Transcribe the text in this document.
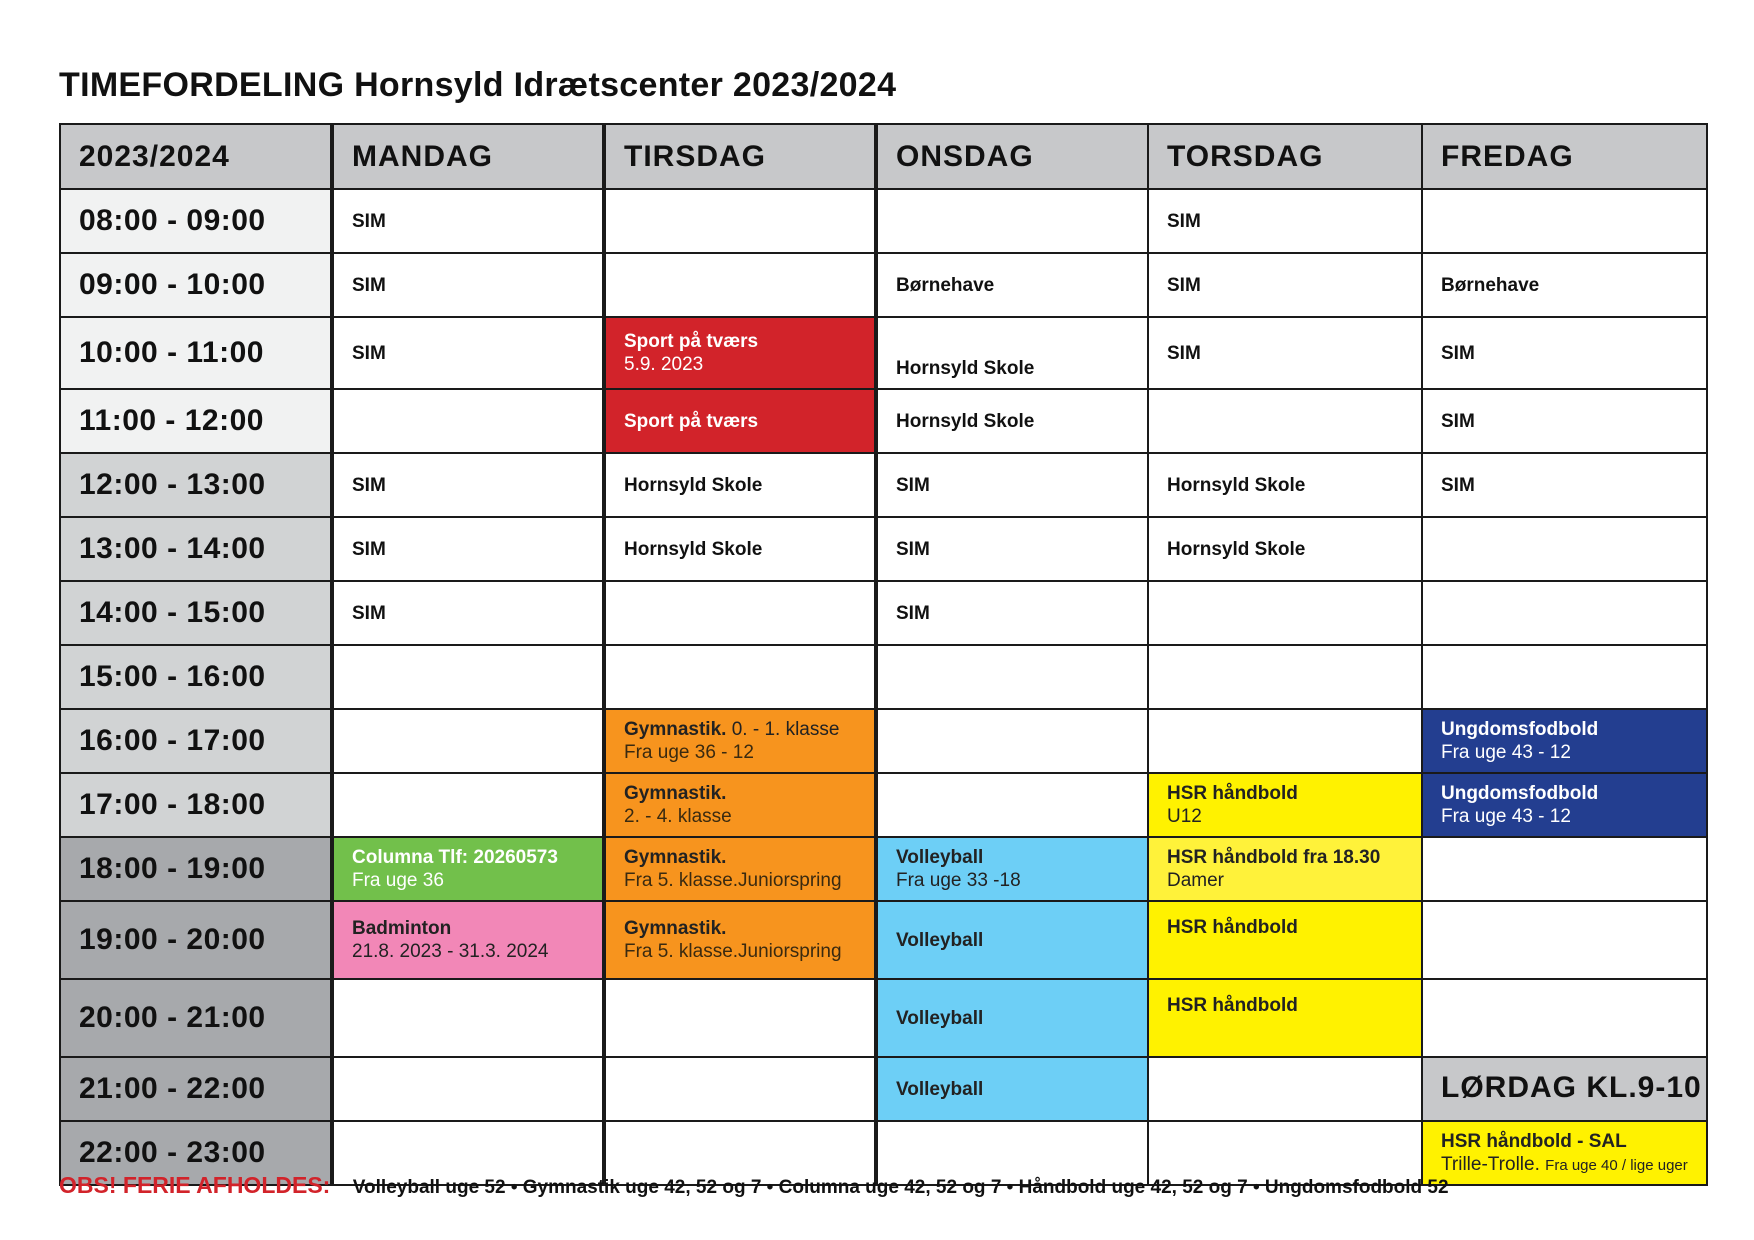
TIMEFORDELING Hornsyld Idrætscenter 2023/2024
2023/2024	MANDAG	TIRSDAG	ONSDAG	TORSDAG	FREDAG
08:00 - 09:00	SIM			SIM	

09:00 - 10:00	SIM		Børnehave	SIM	Børnehave

10:00 - 11:00	SIM	Sport på tværs
5.9. 2023	Hornsyld Skole	SIM	SIM

11:00 - 12:00		Sport på tværs	Hornsyld Skole		SIM

12:00 - 13:00	SIM	Hornsyld Skole	SIM	Hornsyld Skole	SIM

13:00 - 14:00	SIM	Hornsyld Skole	SIM	Hornsyld Skole	

14:00 - 15:00	SIM		SIM		

15:00 - 16:00					
16:00 - 17:00		Gymnastik. 0. - 1. klasse
Fra uge 36 - 12			Ungdomsfodbold
Fra uge 43 - 12

17:00 - 18:00		Gymnastik.
2. - 4. klasse		HSR håndbold
U12	Ungdomsfodbold
Fra uge 43 - 12

18:00 - 19:00	Columna Tlf: 20260573
Fra uge 36	Gymnastik.
Fra 5. klasse.Juniorspring	Volleyball
Fra uge 33 -18	HSR håndbold fra 18.30
Damer	

19:00 - 20:00	Badminton
21.8. 2023 - 31.3. 2024	Gymnastik.
Fra 5. klasse.Juniorspring	Volleyball	HSR håndbold	

20:00 - 21:00			Volleyball	HSR håndbold	

21:00 - 22:00			Volleyball		LØRDAG KL.9-10
22:00 - 23:00					HSR håndbold - SAL
Trille-Trolle. Fra uge 40 / lige uger
OBS! FERIE AFHOLDES: Volleyball uge 52 • Gymnastik uge 42, 52 og 7 • Columna uge 42, 52 og 7 • Håndbold uge 42, 52 og 7 • Ungdomsfodbold 52
